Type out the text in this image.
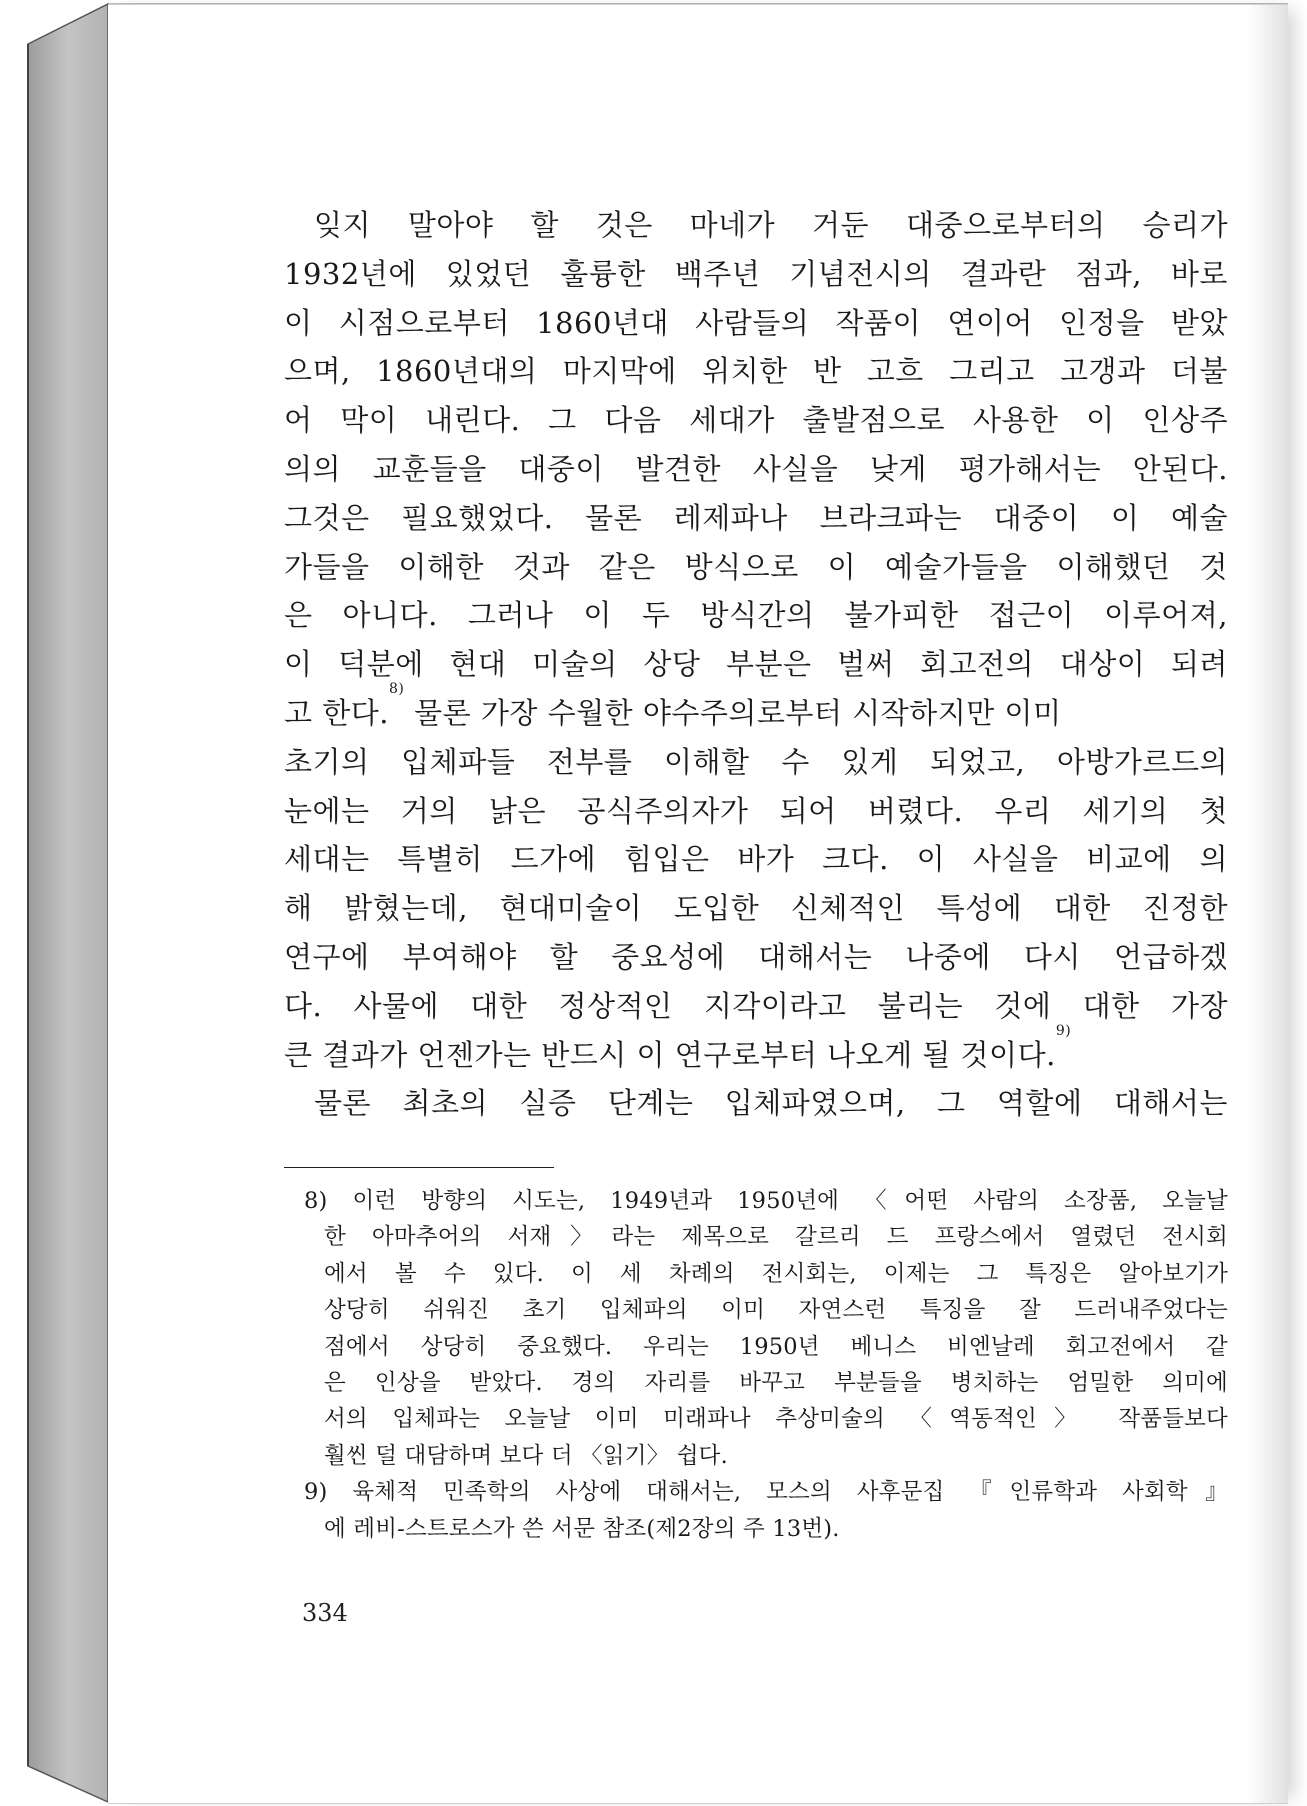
잊지 말아야 할 것은 마네가 거둔 대중으로부터의 승리가
1932년에 있었던 훌륭한 백주년 기념전시의 결과란 점과, 바로
이 시점으로부터 1860년대 사람들의 작품이 연이어 인정을 받았
으며, 1860년대의 마지막에 위치한 반 고흐 그리고 고갱과 더불
어 막이 내린다. 그 다음 세대가 출발점으로 사용한 이 인상주
의의 교훈들을 대중이 발견한 사실을 낮게 평가해서는 안된다.
그것은 필요했었다. 물론 레제파나 브라크파는 대중이 이 예술
가들을 이해한 것과 같은 방식으로 이 예술가들을 이해했던 것
은 아니다. 그러나 이 두 방식간의 불가피한 접근이 이루어져,
이 덕분에 현대 미술의 상당 부분은 벌써 회고전의 대상이 되려
고 한다.
8)
물론 가장 수월한 야수주의로부터 시작하지만 이미
초기의 입체파들 전부를 이해할 수 있게 되었고, 아방가르드의
눈에는 거의 낡은 공식주의자가 되어 버렸다. 우리 세기의 첫
세대는 특별히 드가에 힘입은 바가 크다. 이 사실을 비교에 의
해 밝혔는데, 현대미술이 도입한 신체적인 특성에 대한 진정한
연구에 부여해야 할 중요성에 대해서는 나중에 다시 언급하겠
다. 사물에 대한 정상적인 지각이라고 불리는 것에 대한 가장
큰 결과가 언젠가는 반드시 이 연구로부터 나오게 될 것이다.
9)
물론 최초의 실증 단계는 입체파였으며, 그 역할에 대해서는
8) 이런 방향의 시도는, 1949년과 1950년에 〈어떤 사람의 소장품, 오늘날
한 아마추어의 서재〉라는 제목으로 갈르리 드 프랑스에서 열렸던 전시회
에서 볼 수 있다. 이 세 차례의 전시회는, 이제는 그 특징은 알아보기가
상당히 쉬워진 초기 입체파의 이미 자연스런 특징을 잘 드러내주었다는
점에서 상당히 중요했다. 우리는 1950년 베니스 비엔날레 회고전에서 같
은 인상을 받았다. 경의 자리를 바꾸고 부분들을 병치하는 엄밀한 의미에
서의 입체파는 오늘날 이미 미래파나 추상미술의 〈역동적인〉 작품들보다
훨씬 덜 대담하며 보다 더 〈읽기〉 쉽다.
9) 육체적 민족학의 사상에 대해서는, 모스의 사후문집 『인류학과 사회학』
에 레비-스트로스가 쓴 서문 참조(제2장의 주 13번).
334
